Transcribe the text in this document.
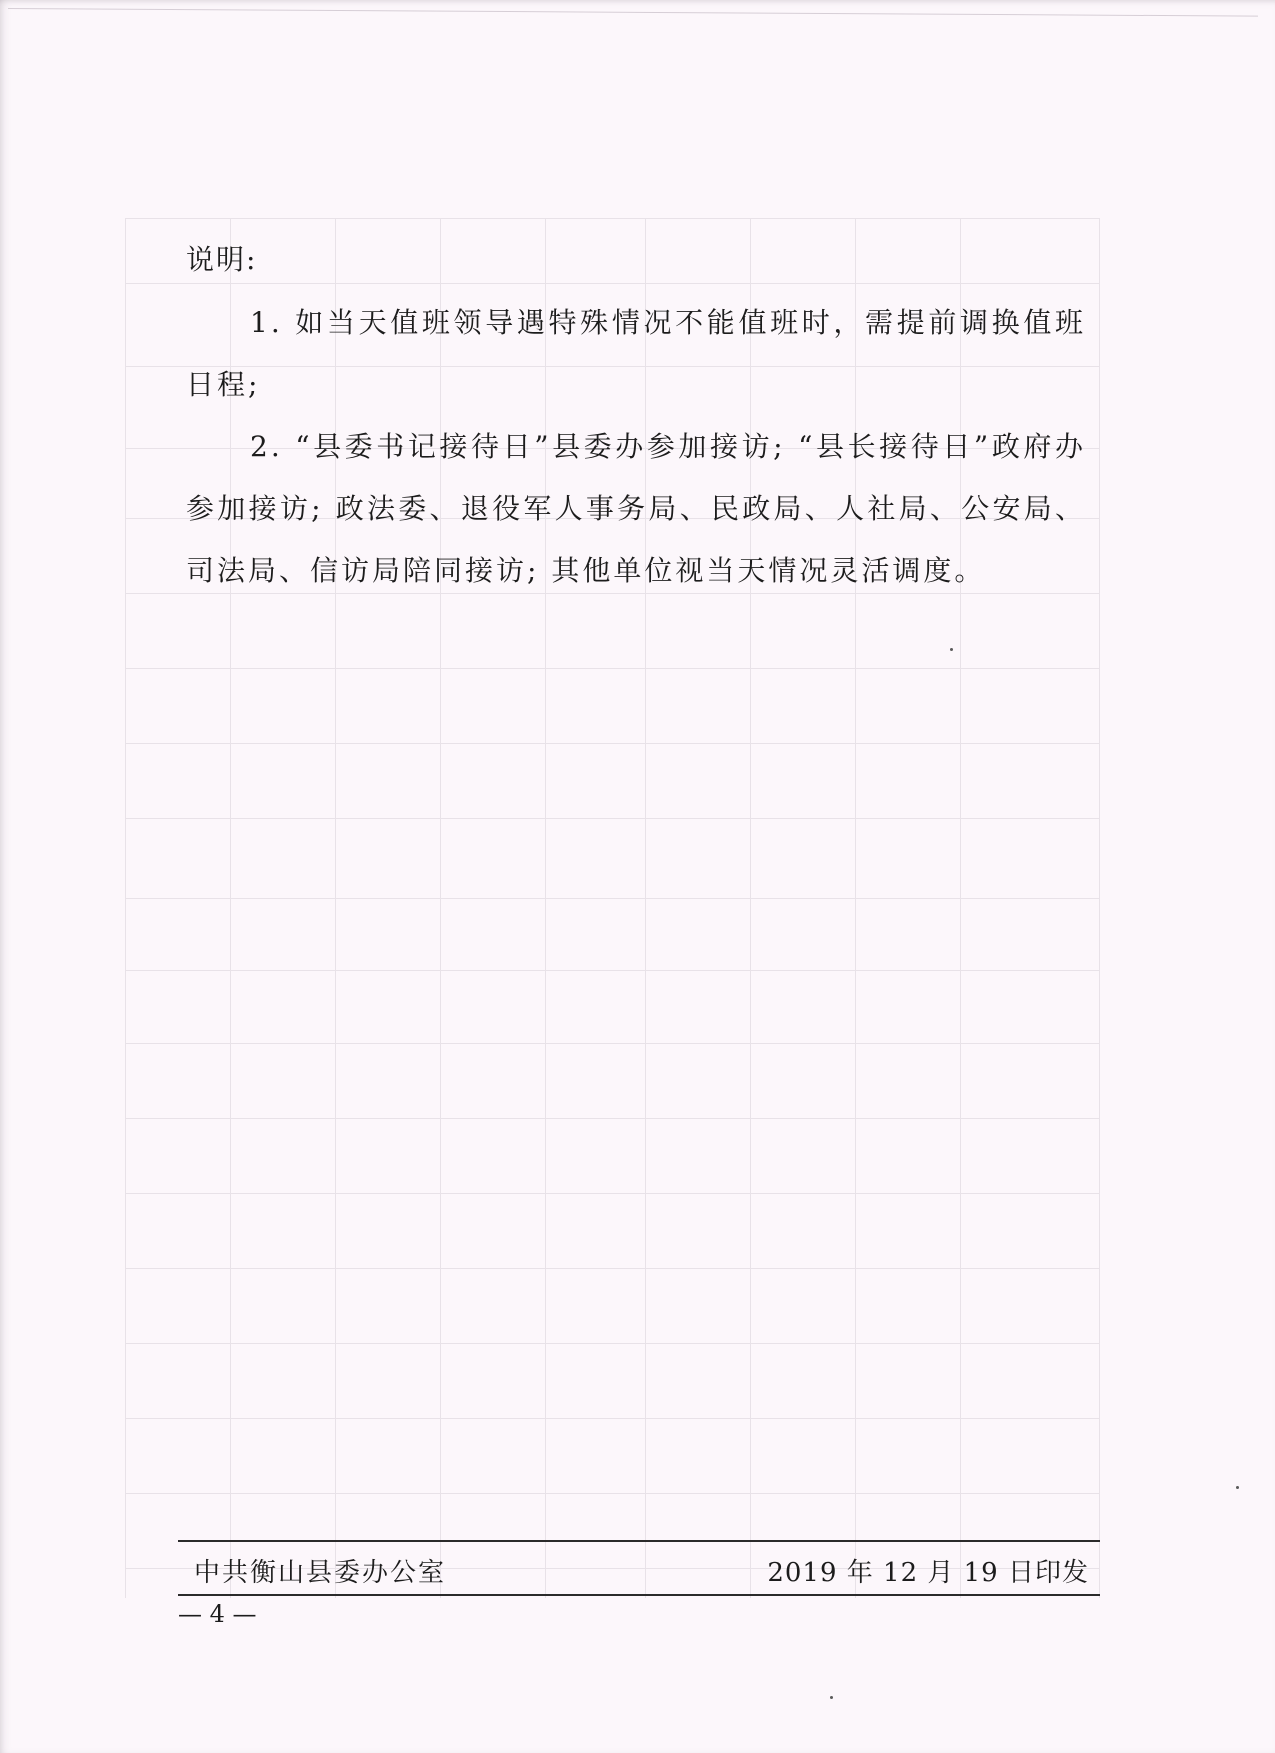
说明:

1. 如当天值班领导遇特殊情况不能值班时，需提前调换值班日程;

2. “县委书记接待日”县委办参加接访; “县长接待日”政府办参加接访; 政法委、退役军人事务局、民政局、人社局、公安局、司法局、信访局陪同接访; 其他单位视当天情况灵活调度。

中共衡山县委办公室	2019 年 12 月 19 日印发
— 4 —
